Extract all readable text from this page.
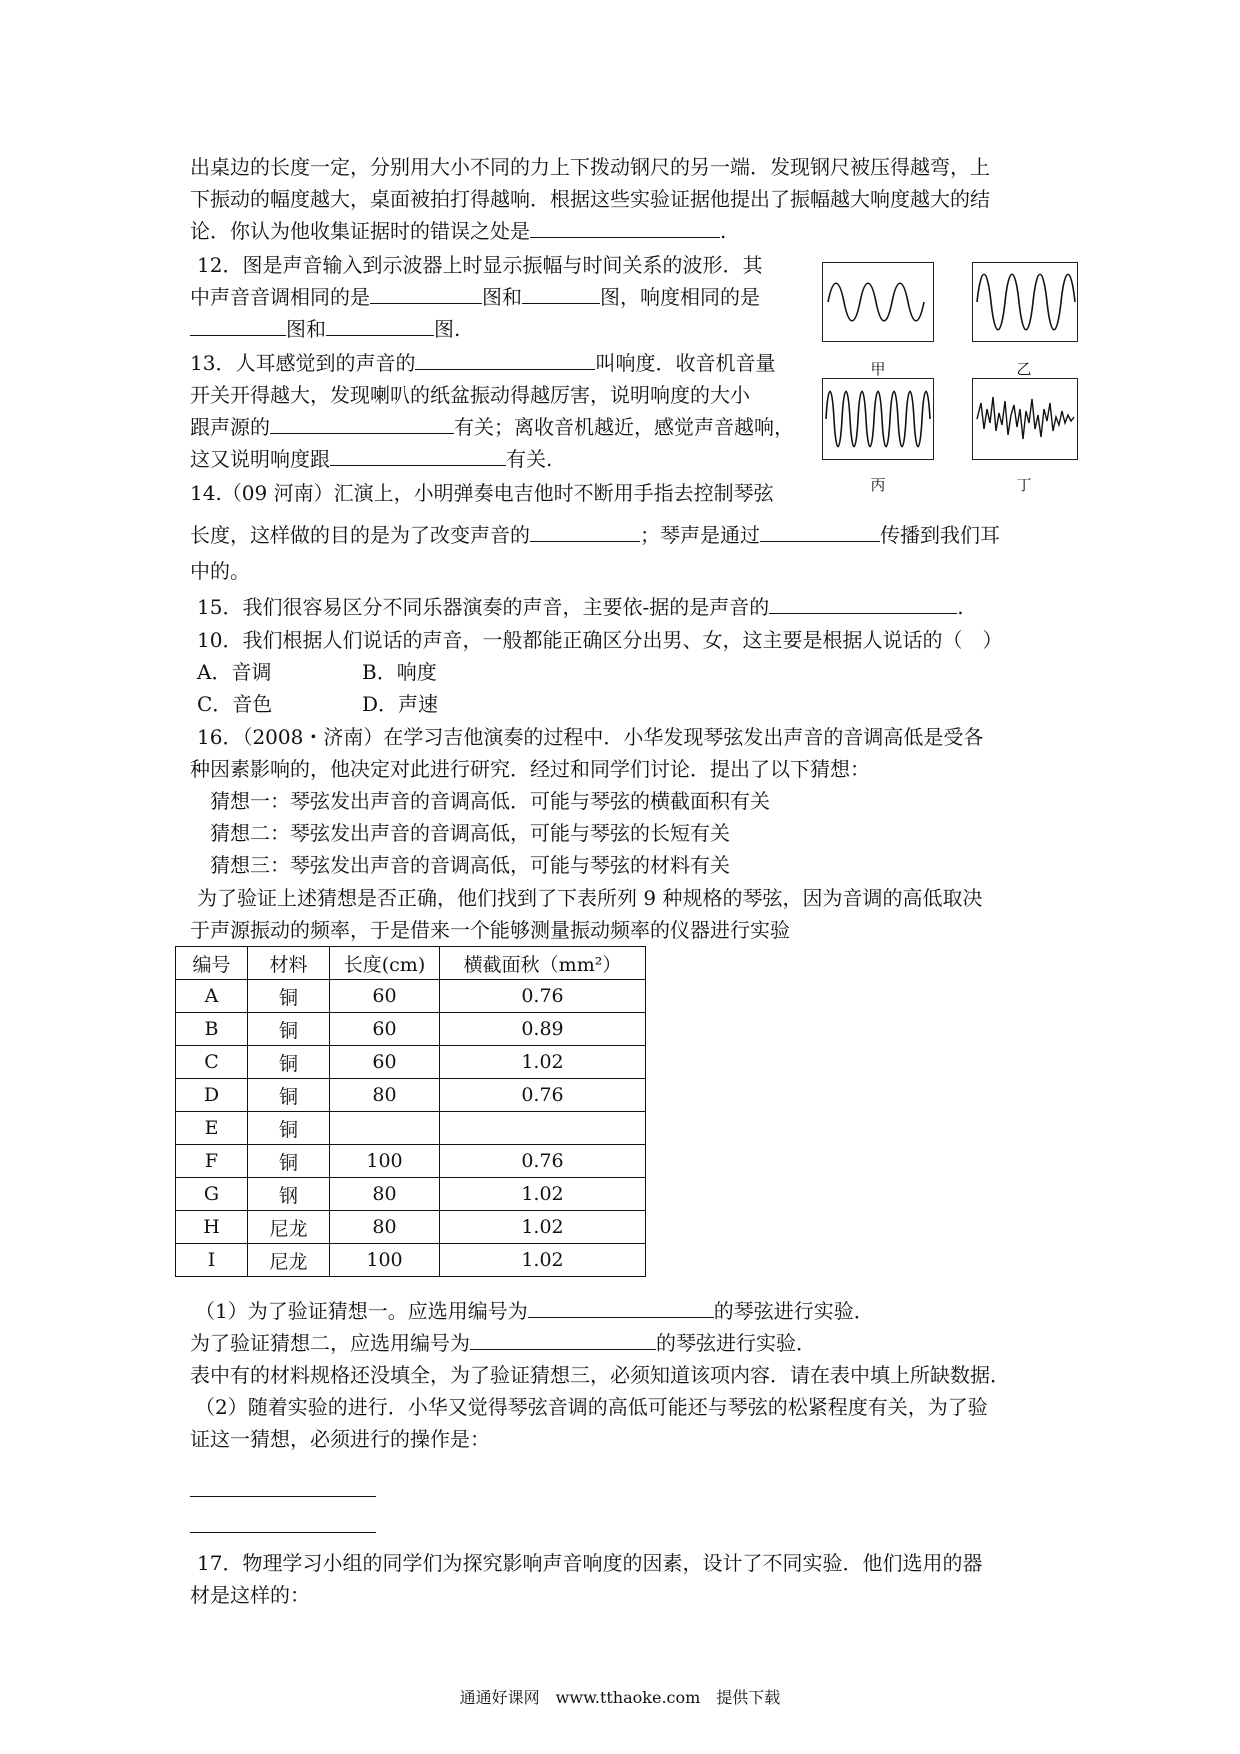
出桌边的长度一定，分别用大小不同的力上下拨动钢尺的另一端．发现钢尺被压得越弯，上
下振动的幅度越大，桌面被拍打得越响．根据这些实验证据他提出了振幅越大响度越大的结
论．你认为他收集证据时的错误之处是	.
12．图是声音输入到示波器上时显示振幅与时间关系的波形．其
中声音音调相同的是	图和	图，响度相同的是
图和	图.
甲	乙
丙	丁
13．人耳感觉到的声音的	叫响度．收音机音量
开关开得越大，发现喇叭的纸盆振动得越厉害，说明响度的大小
跟声源的	有关；离收音机越近，感觉声音越响，
这又说明响度跟	有关.
14.（09 河南）汇演上，小明弹奏电吉他时不断用手指去控制琴弦
长度，这样做的目的是为了改变声音的	；琴声是通过	传播到我们耳
中的。
15．我们很容易区分不同乐器演奏的声音，主要依-据的是声音的	.
10．我们根据人们说话的声音，一般都能正确区分出男、女，这主要是根据人说话的（　）
A．音调	B．响度
C．音色	D．声速
16．（2008・济南）在学习吉他演奏的过程中．小华发现琴弦发出声音的音调高低是受各
种因素影响的，他决定对此进行研究．经过和同学们讨论．提出了以下猜想：
猜想一：琴弦发出声音的音调高低．可能与琴弦的横截面积有关
猜想二：琴弦发出声音的音调高低，可能与琴弦的长短有关
猜想三：琴弦发出声音的音调高低，可能与琴弦的材料有关
为了验证上述猜想是否正确，他们找到了下表所列 9 种规格的琴弦，因为音调的高低取决
于声源振动的频率，于是借来一个能够测量振动频率的仪器进行实验
编号	材料	长度(cm)	横截面秋（mm²）
A	铜	60	0.76
B	铜	60	0.89
C	铜	60	1.02
D	铜	80	0.76
E	铜		
F	铜	100	0.76
G	钢	80	1.02
H	尼龙	80	1.02
I	尼龙	100	1.02
（1）为了验证猜想一。应选用编号为	的琴弦进行实验．
为了验证猜想二，应选用编号为	的琴弦进行实验．
表中有的材料规格还没填全，为了验证猜想三，必须知道该项内容．请在表中填上所缺数据．
（2）随着实验的进行．小华又觉得琴弦音调的高低可能还与琴弦的松紧程度有关，为了验
证这一猜想，必须进行的操作是：
17．物理学习小组的同学们为探究影响声音响度的因素，设计了不同实验．他们选用的器
材是这样的：
通通好课网　www.tthaoke.com　提供下载
